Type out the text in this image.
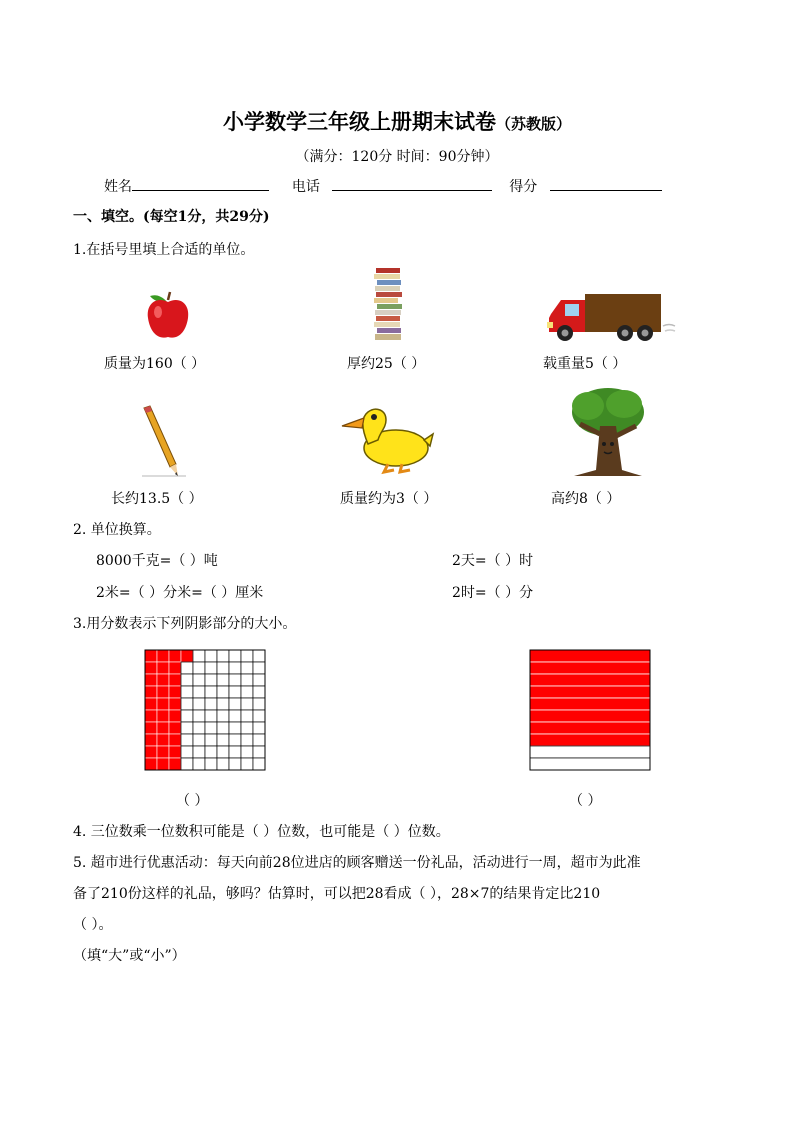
小学数学三年级上册期末试卷（苏教版）
（满分：120分 时间：90分钟）
姓名	电话	得分
一、填空。(每空1分，共29分)
1.在括号里填上合适的单位。
质量为160（ ）	厚约25（ ）	载重量5（ ）
长约13.5（ ）	质量约为3（ ）	高约8（ ）
2. 单位换算。
8000千克=（ ）吨	2天=（ ）时
2米=（ ）分米=（ ）厘米	2时=（ ）分
3.用分数表示下列阴影部分的大小。
（ ）	（ ）
4. 三位数乘一位数积可能是（ ）位数，也可能是（ ）位数。
5. 超市进行优惠活动：每天向前28位进店的顾客赠送一份礼品，活动进行一周，超市为此准
备了210份这样的礼品，够吗？估算时，可以把28看成（ ），28×7的结果肯定比210
（ ）。
（填“大”或“小”）
